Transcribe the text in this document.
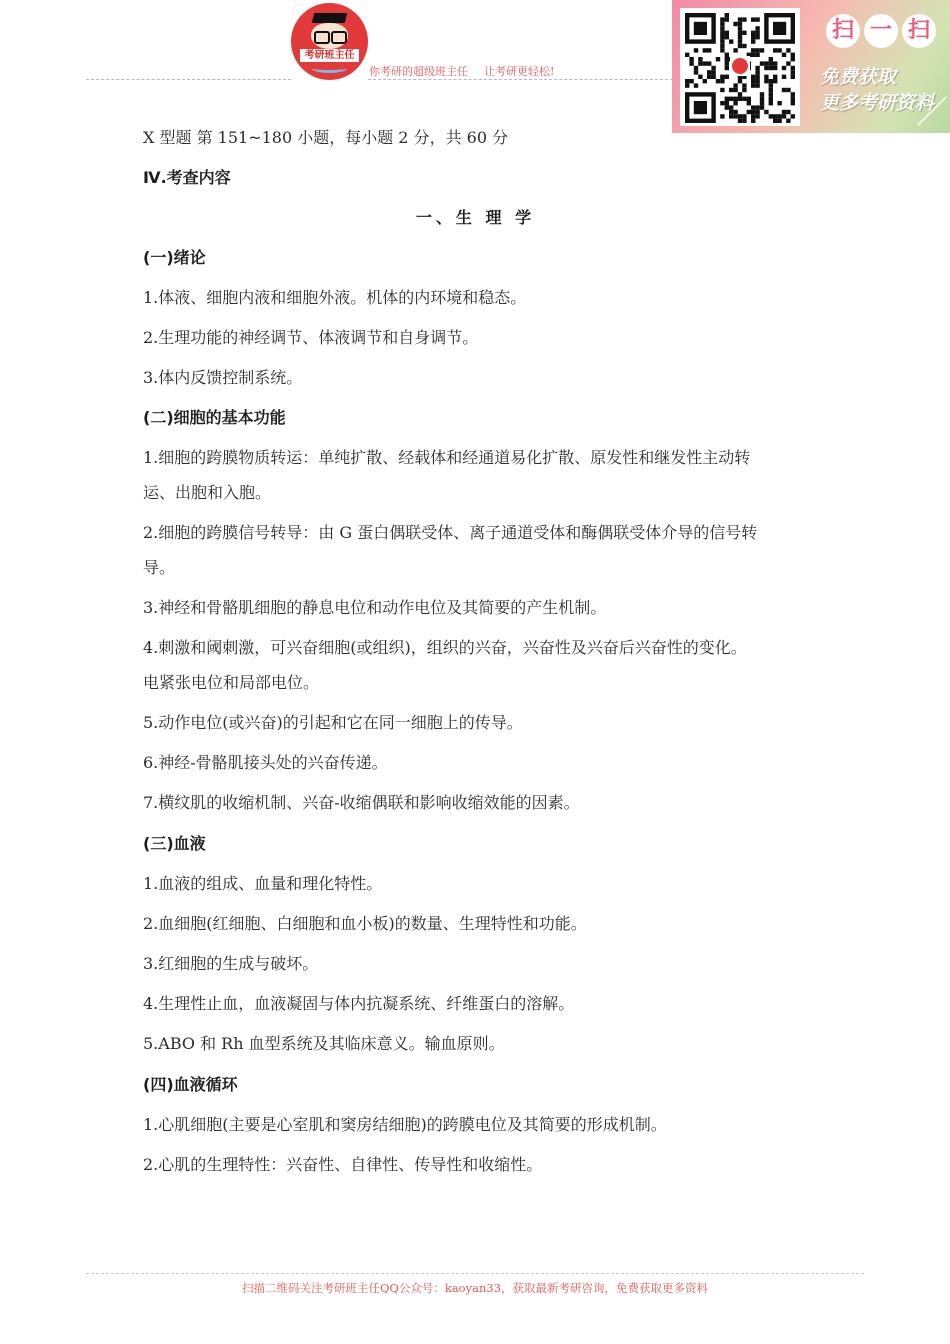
考研班主任
你考研的超级班主任 让考研更轻松!
扫 一 扫
免费获取
更多考研资料
X 型题 第 151~180 小题，每小题 2 分，共 60 分
Ⅳ.考查内容
一、生 理 学
(一)绪论
1.体液、细胞内液和细胞外液。机体的内环境和稳态。
2.生理功能的神经调节、体液调节和自身调节。
3.体内反馈控制系统。
(二)细胞的基本功能
1.细胞的跨膜物质转运：单纯扩散、经载体和经通道易化扩散、原发性和继发性主动转
运、出胞和入胞。
2.细胞的跨膜信号转导：由 G 蛋白偶联受体、离子通道受体和酶偶联受体介导的信号转
导。
3.神经和骨骼肌细胞的静息电位和动作电位及其简要的产生机制。
4.刺激和阈刺激，可兴奋细胞(或组织)，组织的兴奋，兴奋性及兴奋后兴奋性的变化。
电紧张电位和局部电位。
5.动作电位(或兴奋)的引起和它在同一细胞上的传导。
6.神经-骨骼肌接头处的兴奋传递。
7.横纹肌的收缩机制、兴奋-收缩偶联和影响收缩效能的因素。
(三)血液
1.血液的组成、血量和理化特性。
2.血细胞(红细胞、白细胞和血小板)的数量、生理特性和功能。
3.红细胞的生成与破坏。
4.生理性止血，血液凝固与体内抗凝系统、纤维蛋白的溶解。
5.ABO 和 Rh 血型系统及其临床意义。输血原则。
(四)血液循环
1.心肌细胞(主要是心室肌和窦房结细胞)的跨膜电位及其简要的形成机制。
2.心肌的生理特性：兴奋性、自律性、传导性和收缩性。
扫描二维码关注考研班主任QQ公众号：kaoyan33，获取最新考研咨询，免费获取更多资料
